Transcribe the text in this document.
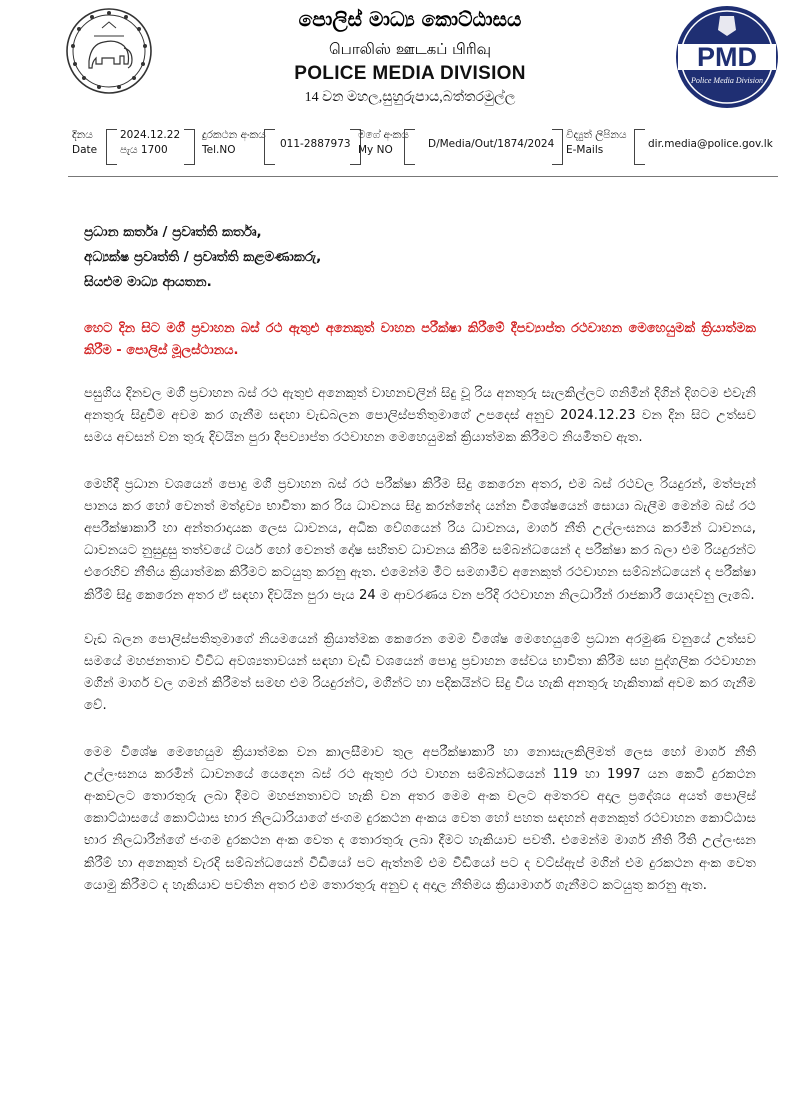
PMD
Police Media Division
පොලිස් මාධ්‍ය කොට්ඨාසය
பொலிஸ் ஊடகப் பிரிவு
POLICE MEDIA DIVISION
14 වන මහල,සුහුරුපාය,බත්තරමුල්ල
දිනය
Date
2024.12.22
පැය 1700
දුරකථන අංකය
Tel.NO	011-2887973
මගේ අංකය
My NO	D/Media/Out/1874/2024
විද්‍යුත් ලිපිනය
E-Mails	dir.media@police.gov.lk
ප්‍රධාන කර්තෘ / ප්‍රවෘත්ති කර්තෘ,
අධ්‍යක්ෂ ප්‍රවෘත්ති / ප්‍රවෘත්ති කළමණාකරු,
සියළුම මාධ්‍ය ආයතන.
හෙට දින සිට මගී ප්‍රවාහන බස් රථ ඇතුළු අනෙකුත් වාහන පරීක්ෂා කිරීමේ දීපව්‍යාප්ත රථවාහන මෙහෙයුමක් ක්‍රියාත්මක කිරීම - පොලිස් මූලස්ථානය.

පසුගිය දිනවල මගී ප්‍රවාහන බස් රථ ඇතුළු අනෙකුත් වාහනවලින් සිදු වූ රිය අනතුරු සැලකිල්ලට ගනිමින් දිගින් දිගටම එවැනි අනතුරු සිදුවීම අවම කර ගැනීම සඳහා වැඩබලන පොලිස්පතිතුමාගේ උපදෙස් අනුව 2024.12.23 වන දින සිට උත්සව සමය අවසන් වන තුරු දිවයින පුරා දීපව්‍යාප්ත රථවාහන මෙහෙයුමක් ක්‍රියාත්මක කිරීමට නියමිතව ඇත.

මෙහිදී ප්‍රධාන වශයෙන් පොදු මගී ප්‍රවාහන බස් රථ පරීක්ෂා කිරීම සිදු කෙරෙන අතර, එම බස් රථවල රියදුරන්, මත්පැන් පානය කර හෝ වෙනත් මත්ද්‍රව්‍ය භාවිතා කර රිය ධාවනය සිදු කරන්නේද යන්න විශේෂයෙන් සොයා බැලීම මෙන්ම බස් රථ අපරීක්ෂාකාරී හා අන්තරාදායක ලෙස ධාවනය, අධික වේගයෙන් රිය ධාවනය, මාර්ග නීති උල්ලංඝනය කරමින් ධාවනය, ධාවනයට නුසුදුසු තත්වයේ ටයර් හෝ වෙනත් දෝෂ සහිතව ධාවනය කිරීම සම්බන්ධයෙන් ද පරීක්ෂා කර බලා එම රියදුරන්ට එරෙහිව නීතිය ක්‍රියාත්මක කිරීමට කටයුතු කරනු ඇත. එමෙන්ම මීට සමගාමීව අනෙකුත් රථවාහන සම්බන්ධයෙන් ද පරීක්ෂා කිරීම් සිදු කෙරෙන අතර ඒ සඳහා දිවයින පුරා පැය 24 ම ආවරණය වන පරිදි රථවාහන නිලධාරීන් රාජකාරී යොදවනු ලැබේ.

වැඩ බලන පොලිස්පතිතුමාගේ නියමයෙන් ක්‍රියාත්මක කෙරෙන මෙම විශේෂ මෙහෙයුමේ ප්‍රධාන අරමුණ වනුයේ උත්සව සමයේ මහජනතාව විවිධ අවශ්‍යතාවයන් සඳහා වැඩි වශයෙන් පොදු ප්‍රවාහන සේවය භාවිතා කිරීම සහ පුද්ගලික රථවාහන මගින් මාර්ග වල ගමන් කිරීමත් සමඟ එම රියදුරන්ට, මගීන්ට හා පදිකයින්ට සිදු විය හැකි අනතුරු හැකිතාක් අවම කර ගැනීම වේ.

මෙම විශේෂ මෙහෙයුම ක්‍රියාත්මක වන කාලසීමාව තුල අපරීක්ෂාකාරී හා නොසැලකිලිමත් ලෙස හෝ මාර්ග නීති උල්ලංඝනය කරමින් ධාවනයේ යෙදෙන බස් රථ ඇතුළු රථ වාහන සම්බන්ධයෙන් 119 හා 1997 යන කෙටි දුරකථන අංකවලට තොරතුරු ලබා දීමට මහජනතාවට හැකි වන අතර මෙම අංක වලට අමතරව අදාල ප්‍රදේශය අයත් පොලිස් කොට්ඨාසයේ කොට්ඨාස භාර නිලධාරියාගේ ජංගම දුරකථන අංකය වෙත හෝ පහත සඳහන් අනෙකුත් රථවාහන කොට්ඨාස භාර නිලධාරීන්ගේ ජංගම දුරකථන අංක වෙත ද තොරතුරු ලබා දීමට හැකියාව පවතී. එමෙන්ම මාර්ග නීති රීති උල්ලංඝන කිරීම් හා අනෙකුත් වැරදි සම්බන්ධයෙන් වීඩියෝ පට ඇත්නම් එම වීඩියෝ පට ද වට්ස්ඇප් මගින් එම දුරකථන අංක වෙත යොමු කිරීමට ද හැකියාව පවතින අතර එම තොරතුරු අනුව ද අදාල නීතිමය ක්‍රියාමාර්ග ගැනීමට කටයුතු කරනු ඇත.
